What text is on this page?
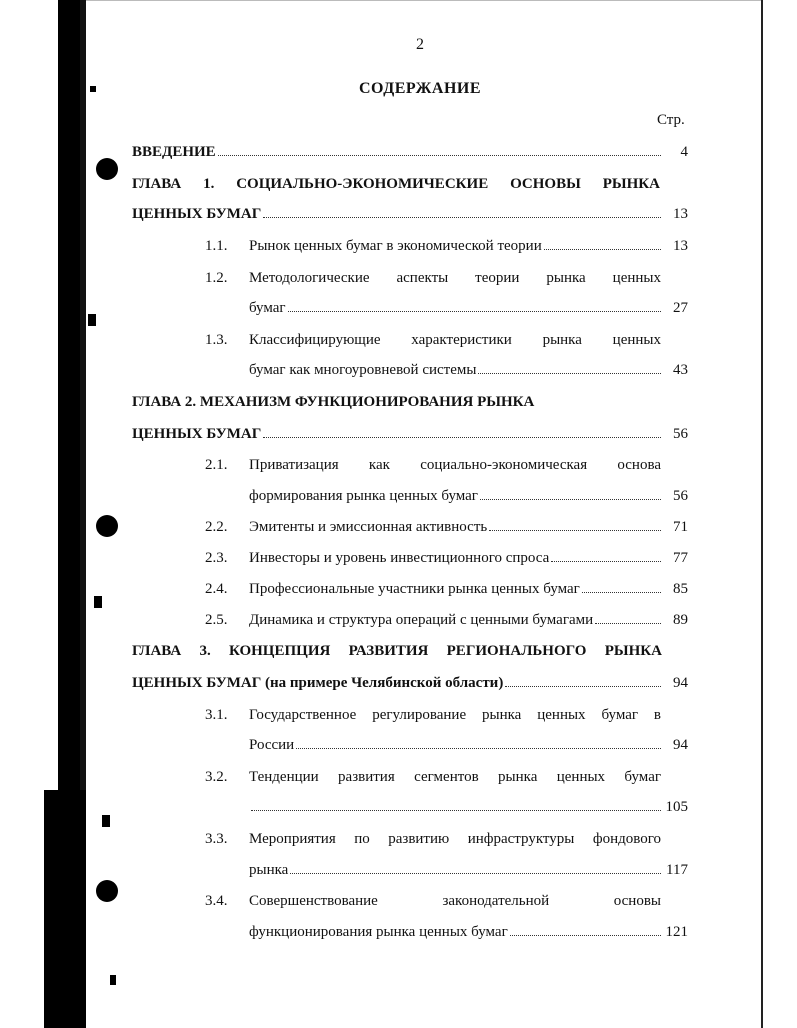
2
СОДЕРЖАНИЕ
Стр.
ВВЕДЕНИЕ	4
ГЛАВА 1. СОЦИАЛЬНО-ЭКОНОМИЧЕСКИЕ ОСНОВЫ РЫНКА
ЦЕННЫХ БУМАГ	13
1.1. Рынок ценных бумаг в экономической теории	13
1.2. Методологические аспекты теории рынка ценных
бумаг	27
1.3. Классифицирующие характеристики рынка ценных
бумаг как многоуровневой системы	43
ГЛАВА 2. МЕХАНИЗМ ФУНКЦИОНИРОВАНИЯ РЫНКА
ЦЕННЫХ БУМАГ	56
2.1. Приватизация как социально-экономическая основа
формирования рынка ценных бумаг	56
2.2. Эмитенты и эмиссионная активность	71
2.3. Инвесторы и уровень инвестиционного спроса	77
2.4. Профессиональные участники рынка ценных бумаг	85
2.5. Динамика и структура операций с ценными бумагами	89
ГЛАВА 3. КОНЦЕПЦИЯ РАЗВИТИЯ РЕГИОНАЛЬНОГО РЫНКА
ЦЕННЫХ БУМАГ (на примере Челябинской области)	94
3.1. Государственное регулирование рынка ценных бумаг в
России	94
3.2. Тенденции развития сегментов рынка ценных бумаг
105
3.3. Мероприятия по развитию инфраструктуры фондового
рынка	117
3.4. Совершенствование законодательной основы
функционирования рынка ценных бумаг	121
